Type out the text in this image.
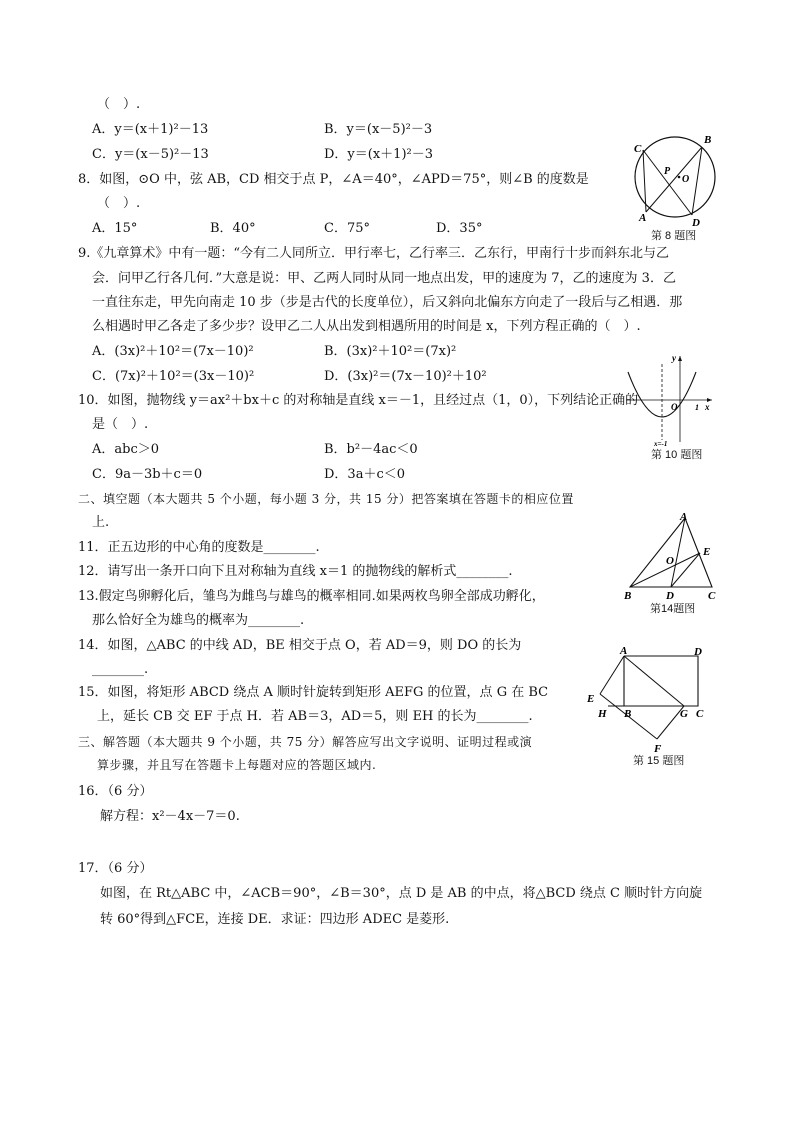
（　）.
A．y＝(x＋1)²－13	B．y＝(x－5)²－3
C．y＝(x－5)²－13	D．y＝(x＋1)²－3
8．如图，⊙O 中，弦 AB，CD 相交于点 P，∠A＝40°，∠APD＝75°，则∠B 的度数是
（　）.
A．15°	B．40°	C．75°	D．35°
9.《九章算术》中有一题：“今有二人同所立．甲行率七，乙行率三．乙东行，甲南行十步而斜东北与乙
会．问甲乙行各几何．”大意是说：甲、乙两人同时从同一地点出发，甲的速度为 7，乙的速度为 3．乙
一直往东走，甲先向南走 10 步（步是古代的长度单位），后又斜向北偏东方向走了一段后与乙相遇．那
么相遇时甲乙各走了多少步？设甲乙二人从出发到相遇所用的时间是 x，下列方程正确的（　）.
A．(3x)²＋10²＝(7x－10)²	B．(3x)²＋10²＝(7x)²
C．(7x)²＋10²＝(3x－10)²	D．(3x)²＝(7x－10)²＋10²
10．如图，抛物线 y＝ax²＋bx＋c 的对称轴是直线 x＝－1，且经过点（1，0），下列结论正确的
是（　）.
A．abc＞0	B．b²－4ac＜0
C．9a－3b＋c＝0	D．3a＋c＜0
二、填空题（本大题共 5 个小题，每小题 3 分，共 15 分）把答案填在答题卡的相应位置
上.
11．正五边形的中心角的度数是________.
12．请写出一条开口向下且对称轴为直线 x＝1 的抛物线的解析式________.
13.假定鸟卵孵化后，雏鸟为雌鸟与雄鸟的概率相同.如果两枚鸟卵全部成功孵化，
那么恰好全为雄鸟的概率为________.
14．如图，△ABC 的中线 AD，BE 相交于点 O，若 AD＝9，则 DO 的长为
________.
15．如图，将矩形 ABCD 绕点 A 顺时针旋转到矩形 AEFG 的位置，点 G 在 BC
上，延长 CB 交 EF 于点 H．若 AB＝3，AD＝5，则 EH 的长为________.
三、解答题（本大题共 9 个小题，共 75 分）解答应写出文字说明、证明过程或演
算步骤，并且写在答题卡上每题对应的答题区域内.
16．（6 分）
解方程：x²－4x－7＝0.
17．（6 分）
如图，在 Rt△ABC 中，∠ACB＝90°，∠B＝30°，点 D 是 AB 的中点，将△BCD 绕点 C 顺时针方向旋
转 60°得到△FCE，连接 DE．求证：四边形 ADEC 是菱形.
C
B
P
O
A	D
第 8 题图
y
O 1 x
x=-1
第 10 题图
A
O
E
B	D	C
第14题图
A	D
E
H B	G C
F
第 15 题图
